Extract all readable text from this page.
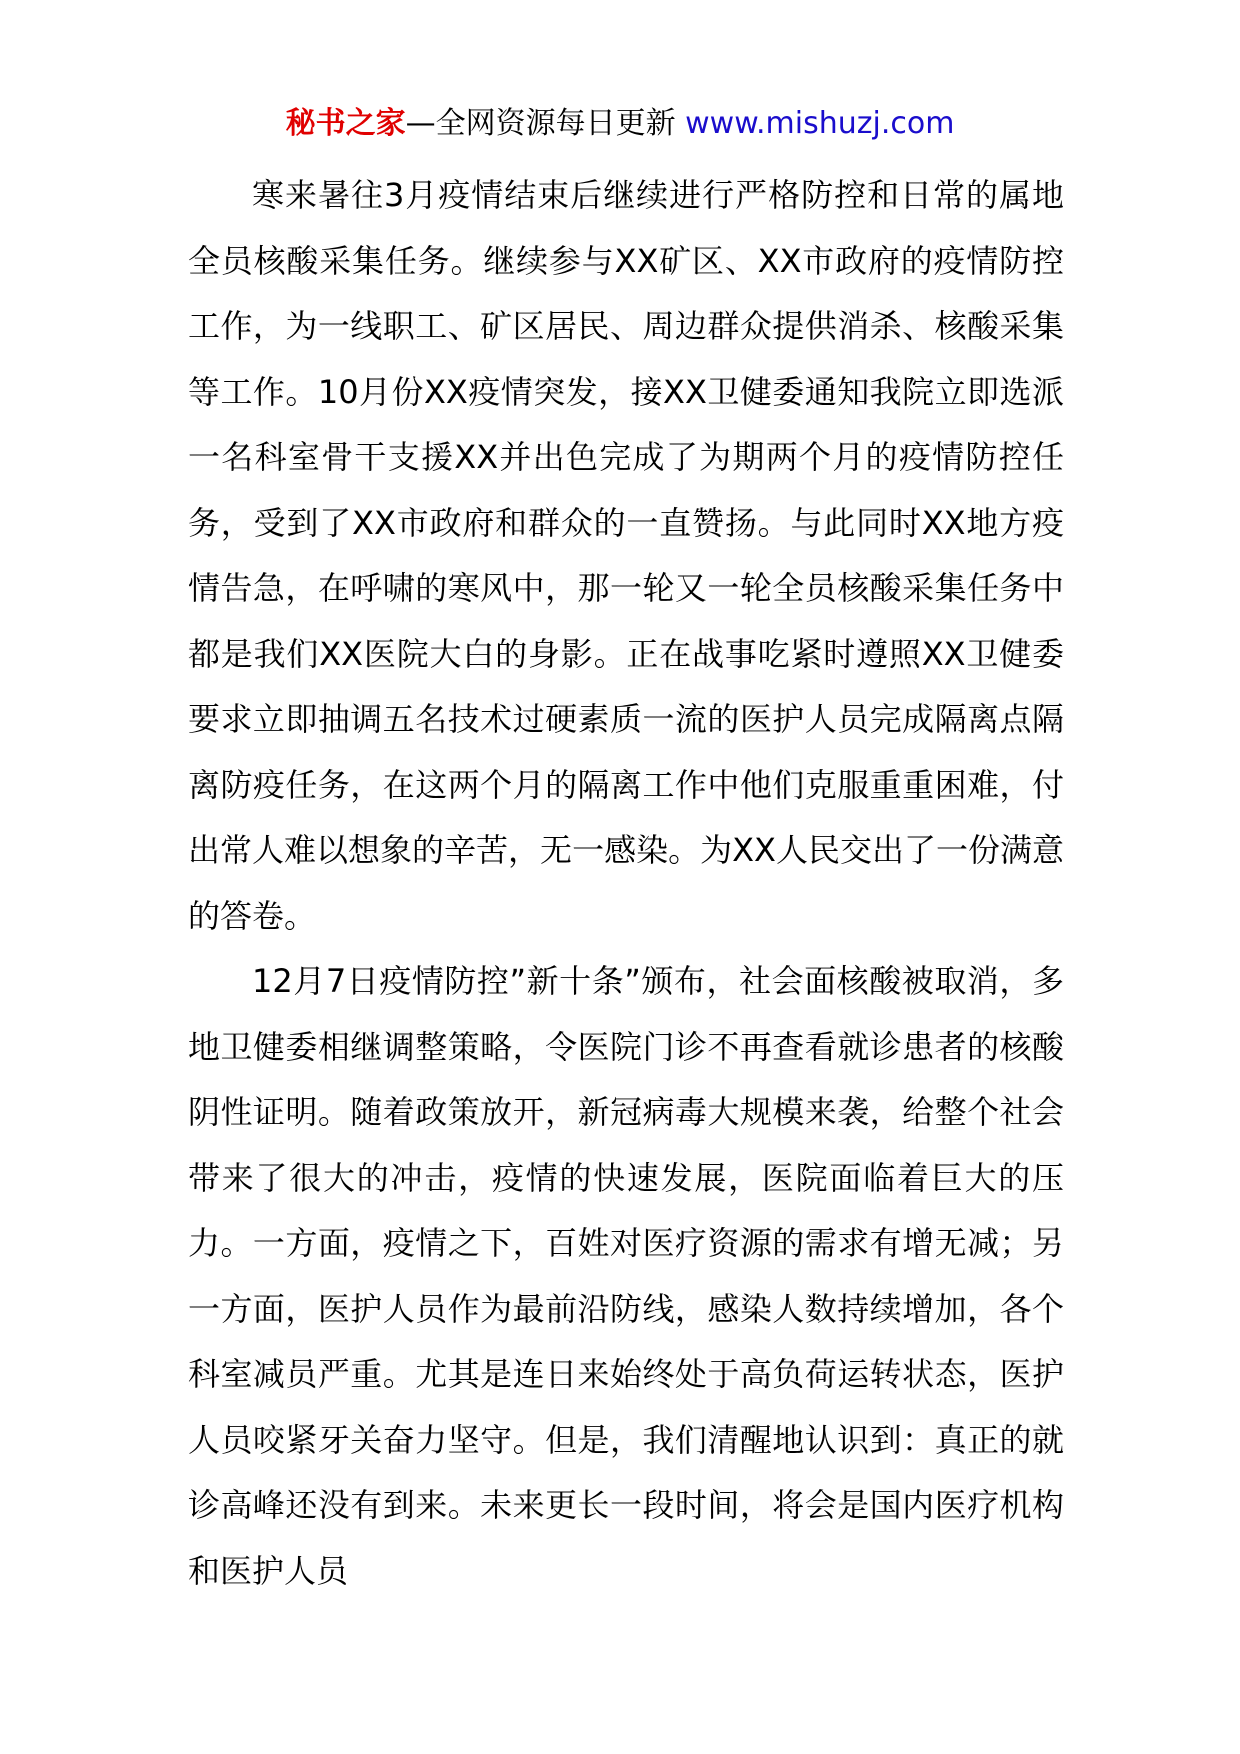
秘书之家—全网资源每日更新 www.mishuzj.com

寒来暑往3月疫情结束后继续进行严格防控和日常的属地全员核酸采集任务。继续参与XX矿区、XX市政府的疫情防控工作，为一线职工、矿区居民、周边群众提供消杀、核酸采集等工作。10月份XX疫情突发，接XX卫健委通知我院立即选派一名科室骨干支援XX并出色完成了为期两个月的疫情防控任务，受到了XX市政府和群众的一直赞扬。与此同时XX地方疫情告急，在呼啸的寒风中，那一轮又一轮全员核酸采集任务中都是我们XX医院大白的身影。正在战事吃紧时遵照XX卫健委要求立即抽调五名技术过硬素质一流的医护人员完成隔离点隔离防疫任务，在这两个月的隔离工作中他们克服重重困难，付出常人难以想象的辛苦，无一感染。为XX人民交出了一份满意的答卷。

12月7日疫情防控”新十条”颁布，社会面核酸被取消，多地卫健委相继调整策略，令医院门诊不再查看就诊患者的核酸阴性证明。随着政策放开，新冠病毒大规模来袭，给整个社会带来了很大的冲击，疫情的快速发展，医院面临着巨大的压力。一方面，疫情之下，百姓对医疗资源的需求有增无减；另一方面，医护人员作为最前沿防线，感染人数持续增加，各个科室减员严重。尤其是连日来始终处于高负荷运转状态，医护人员咬紧牙关奋力坚守。但是，我们清醒地认识到：真正的就诊高峰还没有到来。未来更长一段时间，将会是国内医疗机构和医护人员
